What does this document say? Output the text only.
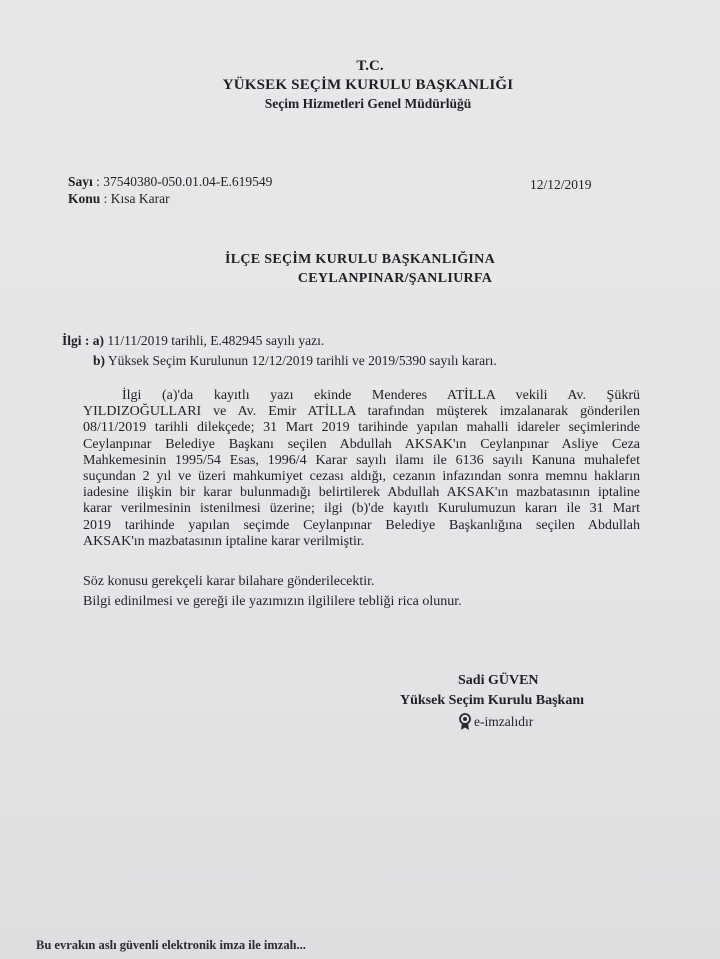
T.C.
YÜKSEK SEÇİM KURULU BAŞKANLIĞI
Seçim Hizmetleri Genel Müdürlüğü
Sayı : 37540380-050.01.04-E.619549
Konu : Kısa Karar
12/12/2019
İLÇE SEÇİM KURULU BAŞKANLIĞINA
CEYLANPINAR/ŞANLIURFA
İlgi : a) 11/11/2019 tarihli, E.482945 sayılı yazı.
b) Yüksek Seçim Kurulunun 12/12/2019 tarihli ve 2019/5390 sayılı kararı.
İlgi (a)'da kayıtlı yazı ekinde Menderes ATİLLA vekili Av. Şükrü
YILDIZOĞULLARI ve Av. Emir ATİLLA tarafından müşterek imzalanarak gönderilen
08/11/2019 tarihli dilekçede; 31 Mart 2019 tarihinde yapılan mahalli idareler seçimlerinde
Ceylanpınar Belediye Başkanı seçilen Abdullah AKSAK'ın Ceylanpınar Asliye Ceza
Mahkemesinin 1995/54 Esas, 1996/4 Karar sayılı ilamı ile 6136 sayılı Kanuna muhalefet
suçundan 2 yıl ve üzeri mahkumiyet cezası aldığı, cezanın infazından sonra memnu hakların
iadesine ilişkin bir karar bulunmadığı belirtilerek Abdullah AKSAK'ın mazbatasının iptaline
karar verilmesinin istenilmesi üzerine; ilgi (b)'de kayıtlı Kurulumuzun kararı ile 31 Mart
2019 tarihinde yapılan seçimde Ceylanpınar Belediye Başkanlığına seçilen Abdullah
AKSAK'ın mazbatasının iptaline karar verilmiştir.
Söz konusu gerekçeli karar bilahare gönderilecektir.
Bilgi edinilmesi ve gereği ile yazımızın ilgililere tebliği rica olunur.
Sadi GÜVEN
Yüksek Seçim Kurulu Başkanı
e-imzalıdır
Bu evrakın aslı güvenli elektronik imza ile imzalı...
